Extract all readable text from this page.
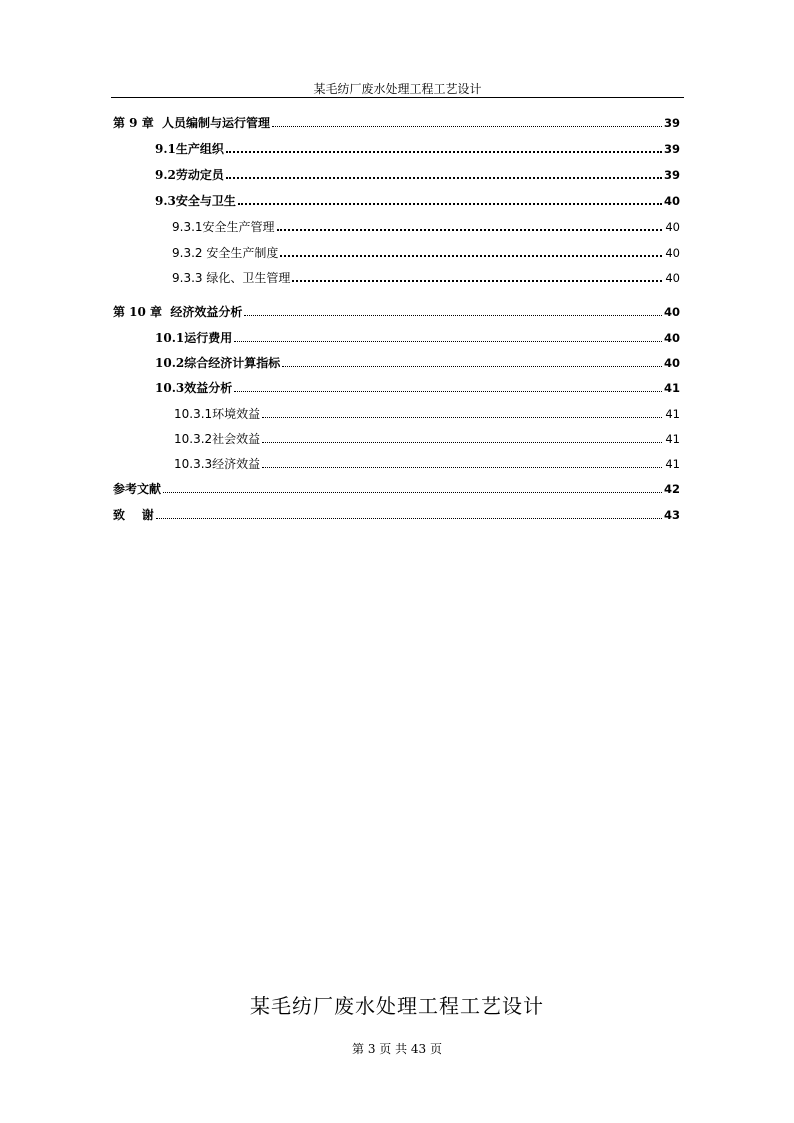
某毛纺厂废水处理工程工艺设计
第 9 章  人员编制与运行管理	39
9.1生产组织	39
9.2劳动定员	39
9.3安全与卫生	40
9.3.1安全生产管理	40
9.3.2 安全生产制度	40
9.3.3 绿化、卫生管理	40
第 10 章  经济效益分析	40
10.1运行费用	40
10.2综合经济计算指标	40
10.3效益分析	41
10.3.1环境效益	41
10.3.2社会效益	41
10.3.3经济效益	41
参考文献	42
致    谢	43
某毛纺厂废水处理工程工艺设计
第 3 页 共 43 页
